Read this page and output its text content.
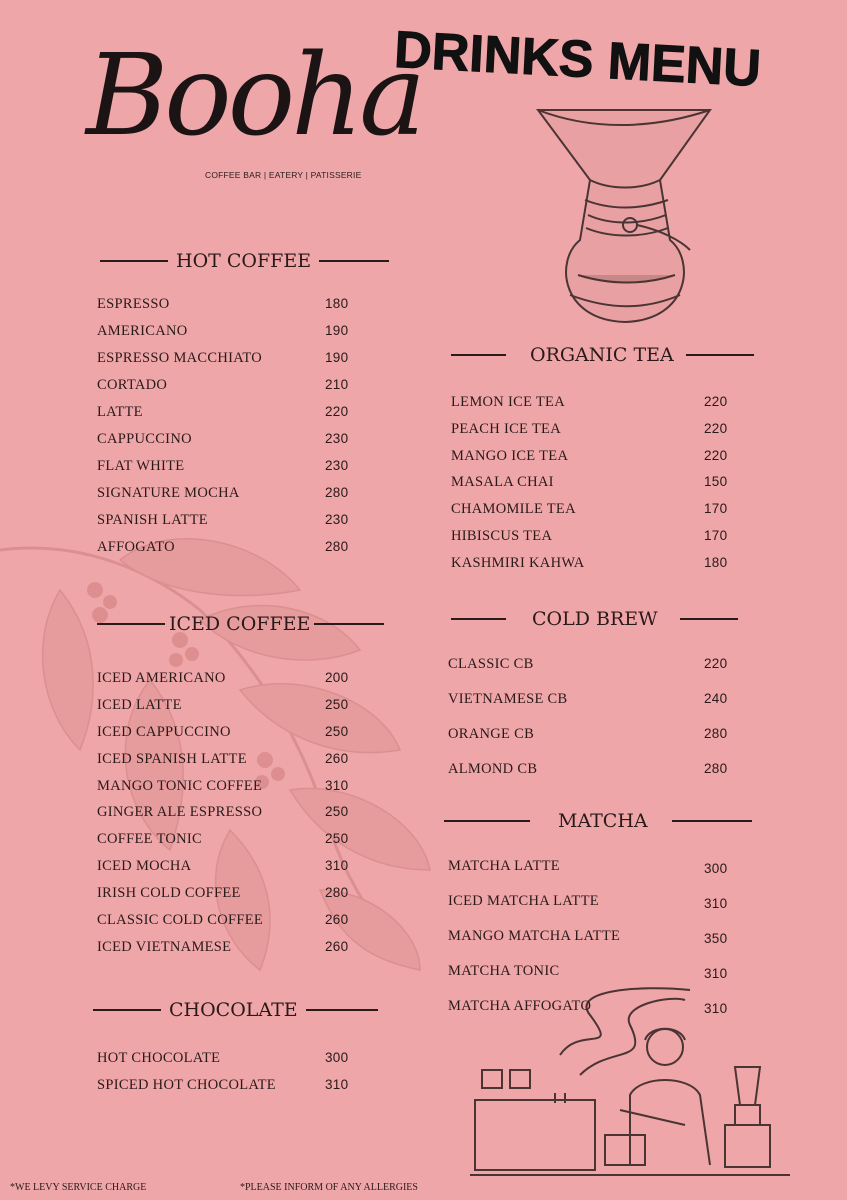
Booha
COFFEE BAR | EATERY | PATISSERIE
DRINKS MENU
HOT COFFEE
ESPRESSO	180
AMERICANO	190
ESPRESSO MACCHIATO	190
CORTADO	210
LATTE	220
CAPPUCCINO	230
FLAT WHITE	230
SIGNATURE MOCHA	280
SPANISH LATTE	230
AFFOGATO	280
ICED COFFEE
ICED AMERICANO	200
ICED LATTE	250
ICED CAPPUCCINO	250
ICED SPANISH LATTE	260
MANGO TONIC COFFEE	310
GINGER ALE ESPRESSO	250
COFFEE TONIC	250
ICED MOCHA	310
IRISH COLD COFFEE	280
CLASSIC COLD COFFEE	260
ICED VIETNAMESE	260
CHOCOLATE
HOT CHOCOLATE	300
SPICED HOT CHOCOLATE	310
ORGANIC TEA
LEMON ICE TEA	220
PEACH ICE TEA	220
MANGO ICE TEA	220
MASALA CHAI	150
CHAMOMILE TEA	170
HIBISCUS TEA	170
KASHMIRI KAHWA	180
COLD BREW
CLASSIC CB	220
VIETNAMESE CB	240
ORANGE CB	280
ALMOND CB	280
MATCHA
MATCHA LATTE	300
ICED MATCHA LATTE	310
MANGO MATCHA LATTE	350
MATCHA TONIC	310
MATCHA AFFOGATO	310
*WE LEVY SERVICE CHARGE	*PLEASE INFORM OF ANY ALLERGIES
